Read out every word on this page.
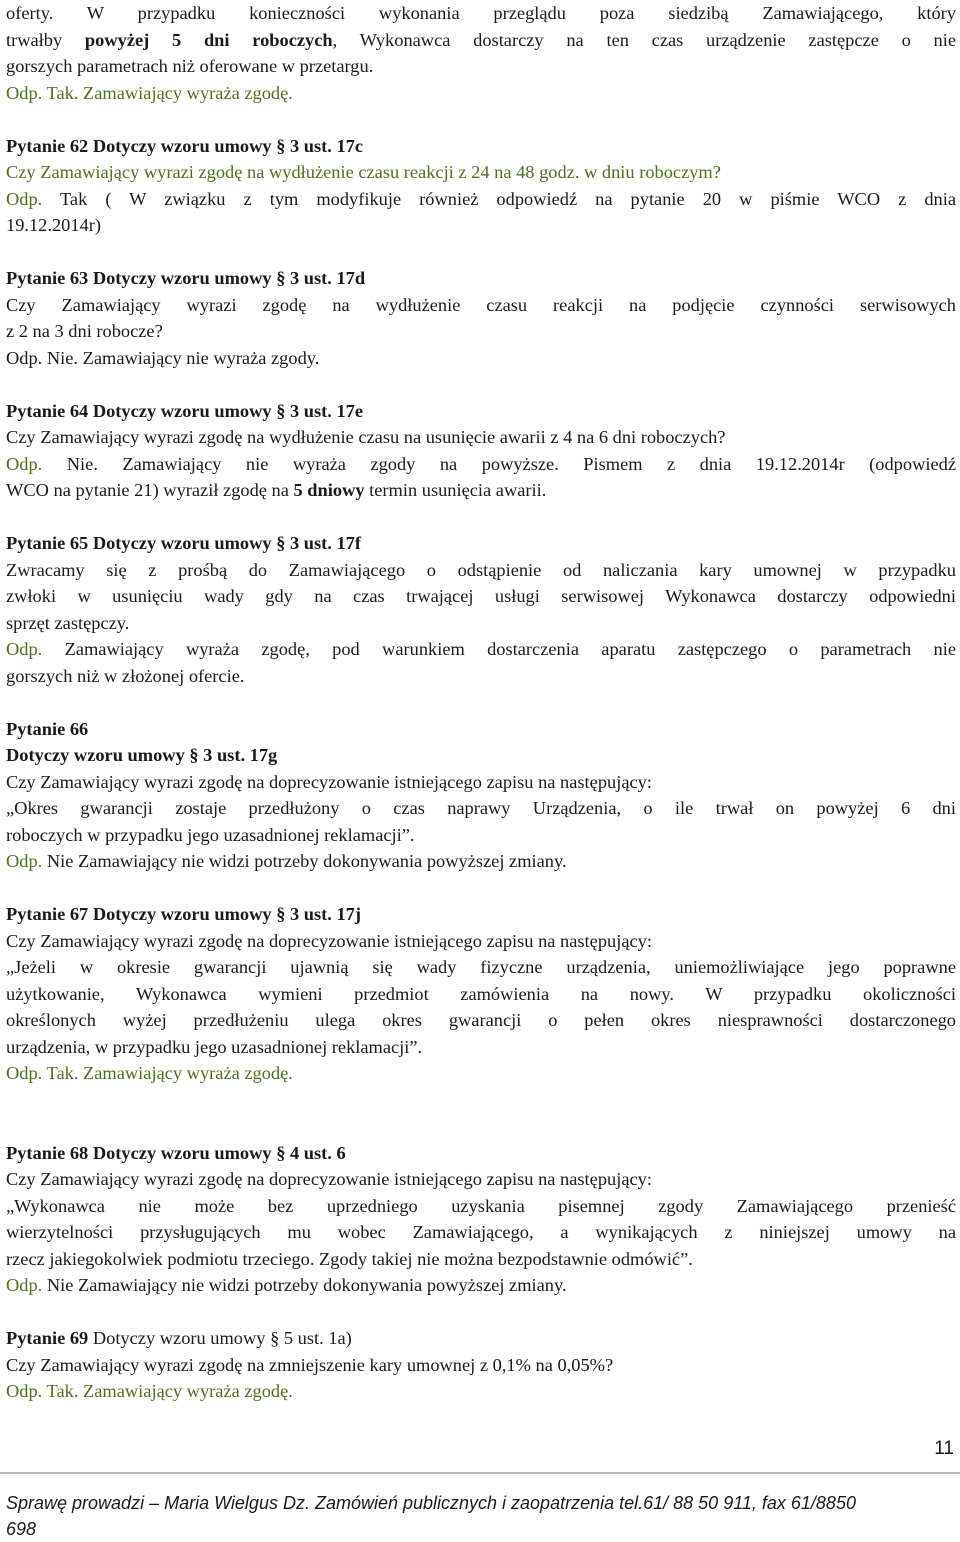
oferty. W przypadku konieczności wykonania przeglądu poza siedzibą Zamawiającego, który

trwałby powyżej 5 dni roboczych, Wykonawca dostarczy na ten czas urządzenie zastępcze o nie

gorszych parametrach niż oferowane w przetargu.

Odp. Tak. Zamawiający wyraża zgodę.

Pytanie 62 Dotyczy wzoru umowy § 3 ust. 17c

Czy Zamawiający wyrazi zgodę na wydłużenie czasu reakcji z 24 na 48 godz. w dniu roboczym?

Odp. Tak ( W związku z tym modyfikuje również odpowiedź na pytanie 20 w piśmie WCO z dnia

19.12.2014r)

Pytanie 63 Dotyczy wzoru umowy § 3 ust. 17d

Czy Zamawiający wyrazi zgodę na wydłużenie czasu reakcji na podjęcie czynności serwisowych

z 2 na 3 dni robocze?

Odp. Nie. Zamawiający nie wyraża zgody.

Pytanie 64 Dotyczy wzoru umowy § 3 ust. 17e

Czy Zamawiający wyrazi zgodę na wydłużenie czasu na usunięcie awarii z 4 na 6 dni roboczych?

Odp. Nie. Zamawiający nie wyraża zgody na powyższe. Pismem z dnia 19.12.2014r (odpowiedź

WCO na pytanie 21) wyraził zgodę na 5 dniowy termin usunięcia awarii.

Pytanie 65 Dotyczy wzoru umowy § 3 ust. 17f

Zwracamy się z prośbą do Zamawiającego o odstąpienie od naliczania kary umownej w przypadku

zwłoki w usunięciu wady gdy na czas trwającej usługi serwisowej Wykonawca dostarczy odpowiedni

sprzęt zastępczy.

Odp. Zamawiający wyraża zgodę, pod warunkiem dostarczenia aparatu zastępczego o parametrach nie

gorszych niż w złożonej ofercie.

Pytanie 66

Dotyczy wzoru umowy § 3 ust. 17g

Czy Zamawiający wyrazi zgodę na doprecyzowanie istniejącego zapisu na następujący:

„Okres gwarancji zostaje przedłużony o czas naprawy Urządzenia, o ile trwał on powyżej 6 dni

roboczych w przypadku jego uzasadnionej reklamacji”.

Odp. Nie Zamawiający nie widzi potrzeby dokonywania powyższej zmiany.

Pytanie 67 Dotyczy wzoru umowy § 3 ust. 17j

Czy Zamawiający wyrazi zgodę na doprecyzowanie istniejącego zapisu na następujący:

„Jeżeli w okresie gwarancji ujawnią się wady fizyczne urządzenia, uniemożliwiające jego poprawne

użytkowanie, Wykonawca wymieni przedmiot zamówienia na nowy. W przypadku okoliczności

określonych wyżej przedłużeniu ulega okres gwarancji o pełen okres niesprawności dostarczonego

urządzenia, w przypadku jego uzasadnionej reklamacji”.

Odp. Tak. Zamawiający wyraża zgodę.

Pytanie 68 Dotyczy wzoru umowy § 4 ust. 6

Czy Zamawiający wyrazi zgodę na doprecyzowanie istniejącego zapisu na następujący:

„Wykonawca nie może bez uprzedniego uzyskania pisemnej zgody Zamawiającego przenieść

wierzytelności przysługujących mu wobec Zamawiającego, a wynikających z niniejszej umowy na

rzecz jakiegokolwiek podmiotu trzeciego. Zgody takiej nie można bezpodstawnie odmówić”.

Odp. Nie Zamawiający nie widzi potrzeby dokonywania powyższej zmiany.

Pytanie 69 Dotyczy wzoru umowy § 5 ust. 1a)

Czy Zamawiający wyrazi zgodę na zmniejszenie kary umownej z 0,1% na 0,05%?

Odp. Tak. Zamawiający wyraża zgodę.

11
Sprawę prowadzi – Maria Wielgus Dz. Zamówień publicznych i zaopatrzenia tel.61/ 88 50 911, fax 61/8850
698
